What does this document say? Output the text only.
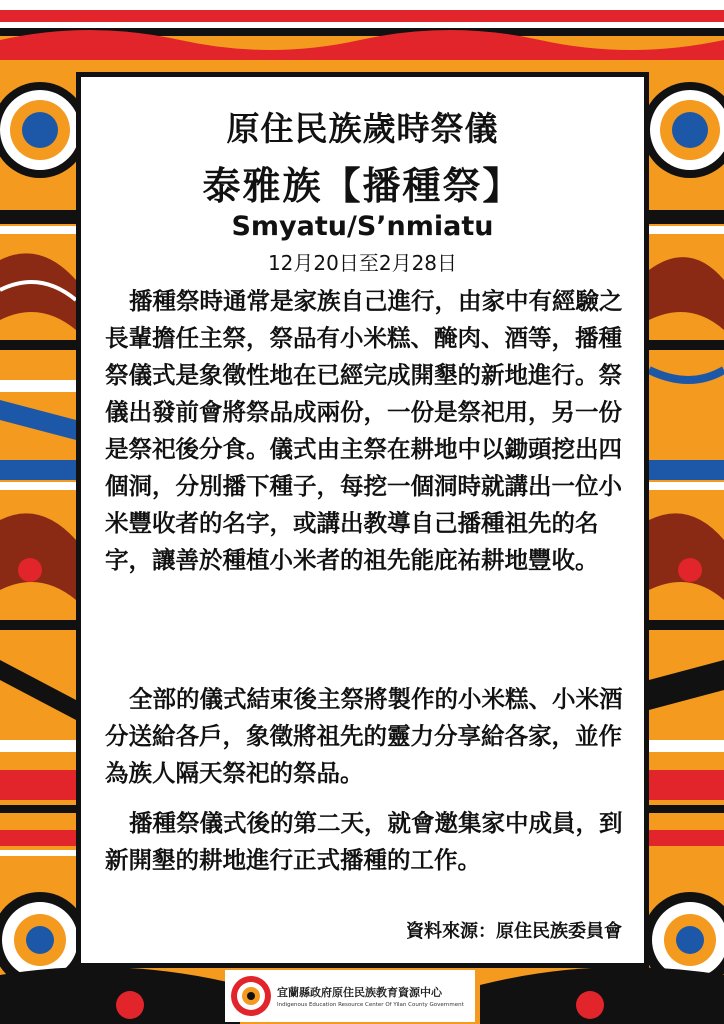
原住民族歲時祭儀
泰雅族【播種祭】
Smyatu/S’nmiatu
12月20日至2月28日

播種祭時通常是家族自己進行，由家中有經驗之長輩擔任主祭，祭品有小米糕、醃肉、酒等，播種祭儀式是象徵性地在已經完成開墾的新地進行。祭儀出發前會將祭品成兩份，一份是祭祀用，另一份是祭祀後分食。儀式由主祭在耕地中以鋤頭挖出四個洞，分別播下種子，每挖一個洞時就講出一位小米豐收者的名字，或講出教導自己播種祖先的名字，讓善於種植小米者的祖先能庇祐耕地豐收。

全部的儀式結束後主祭將製作的小米糕、小米酒分送給各戶，象徵將祖先的靈力分享給各家，並作為族人隔天祭祀的祭品。

播種祭儀式後的第二天，就會邀集家中成員，到新開墾的耕地進行正式播種的工作。

資料來源：原住民族委員會
宜蘭縣政府原住民族教育資源中心
Indigenous Education Resource Center Of Yilan County Government
